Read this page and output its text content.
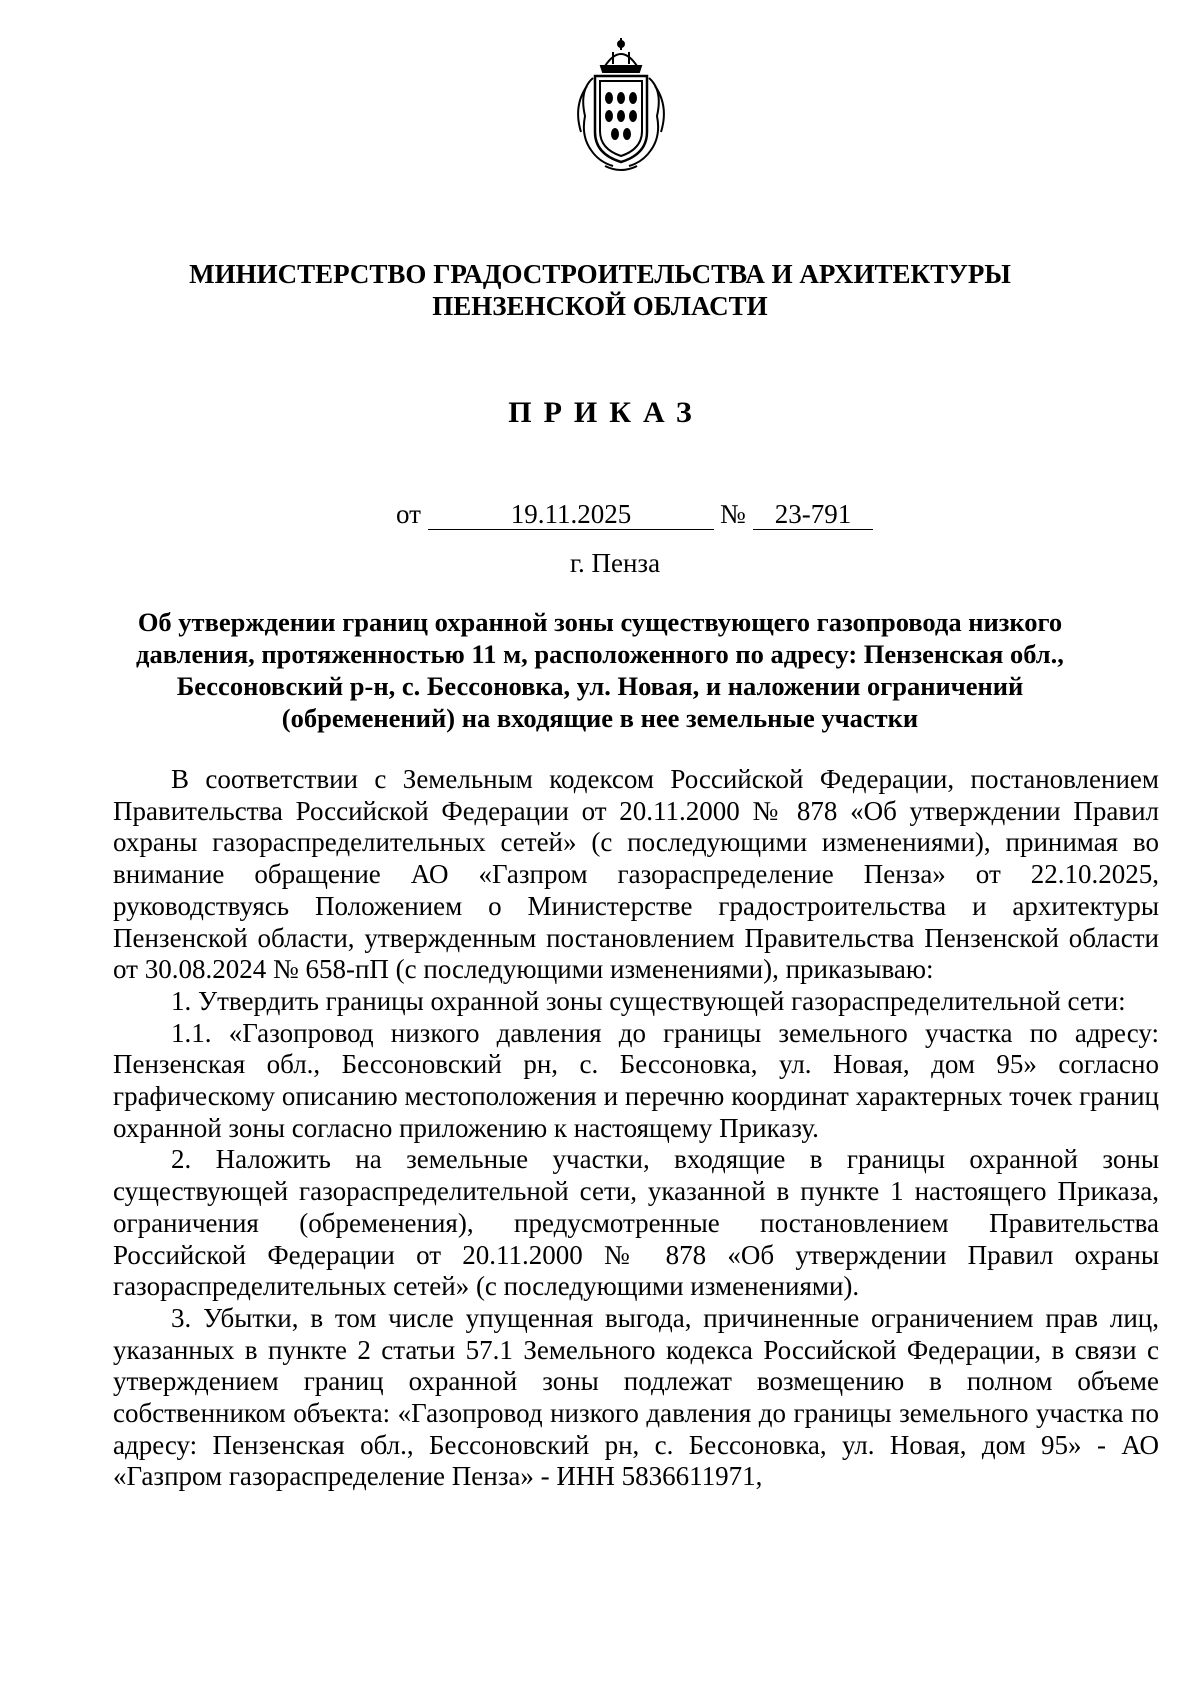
МИНИСТЕРСТВО ГРАДОСТРОИТЕЛЬСТВА И АРХИТЕКТУРЫ
ПЕНЗЕНСКОЙ ОБЛАСТИ
ПРИКАЗ
от	19.11.2025	№	23-791
г. Пенза
Об утверждении границ охранной зоны существующего газопровода низкого
давления, протяженностью 11 м, расположенного по адресу: Пензенская обл.,
Бессоновский р-н, с. Бессоновка, ул. Новая, и наложении ограничений
(обременений) на входящие в нее земельные участки

В соответствии с Земельным кодексом Российской Федерации, постановлением Правительства Российской Федерации от 20.11.2000 № 878 «Об утверждении Правил охраны газораспределительных сетей» (с последующими изменениями), принимая во внимание обращение АО «Газпром газораспределение Пенза» от 22.10.2025, руководствуясь Положением о Министерстве градостроительства и архитектуры Пензенской области, утвержденным постановлением Правительства Пензенской области от 30.08.2024 № 658-пП (с последующими изменениями), приказываю:

1. Утвердить границы охранной зоны существующей газораспределительной сети:

1.1. «Газопровод низкого давления до границы земельного участка по адресу: Пензенская обл., Бессоновский рн, с. Бессоновка, ул. Новая, дом 95» согласно графическому описанию местоположения и перечню координат характерных точек границ охранной зоны согласно приложению к настоящему Приказу.

2. Наложить на земельные участки, входящие в границы охранной зоны существующей газораспределительной сети, указанной в пункте 1 настоящего Приказа, ограничения (обременения), предусмотренные постановлением Правительства Российской Федерации от 20.11.2000 № 878 «Об утверждении Правил охраны газораспределительных сетей» (с последующими изменениями).

3. Убытки, в том числе упущенная выгода, причиненные ограничением прав лиц, указанных в пункте 2 статьи 57.1 Земельного кодекса Российской Федерации, в связи с утверждением границ охранной зоны подлежат возмещению в полном объеме собственником объекта: «Газопровод низкого давления до границы земельного участка по адресу: Пензенская обл., Бессоновский рн, с. Бессоновка, ул. Новая, дом 95» - АО «Газпром газораспределение Пенза» - ИНН 5836611971,
